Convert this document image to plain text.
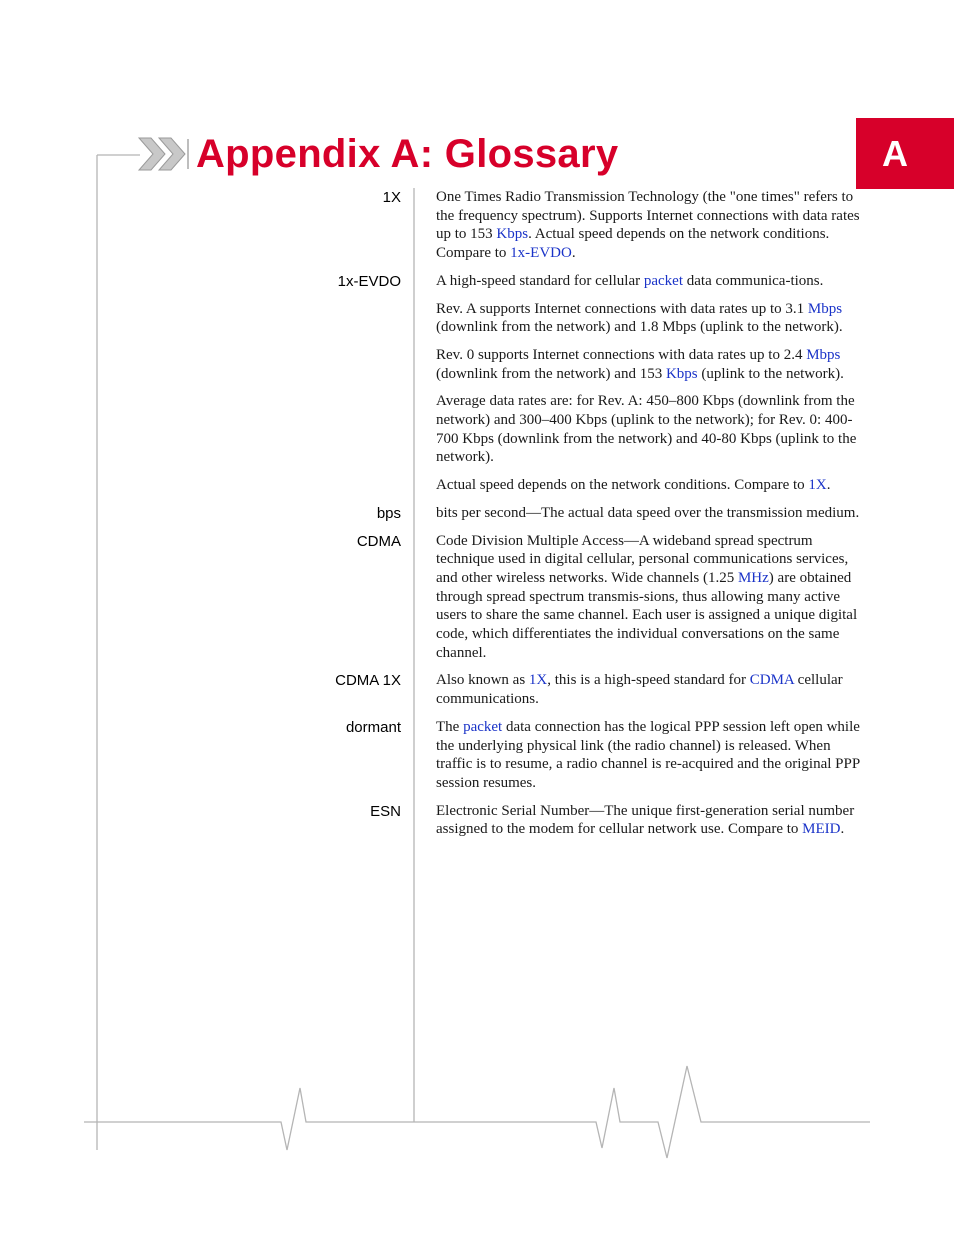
Appendix A: Glossary	A
1X One Times Radio Transmission Technology (the "one times" refers to the frequency spectrum). Supports Internet connections with data rates up to 153 Kbps. Actual speed depends on the network conditions. Compare to 1x-EVDO.

1x-EVDO A high-speed standard for cellular packet data communica-tions.

Rev. A supports Internet connections with data rates up to 3.1 Mbps (downlink from the network) and 1.8 Mbps (uplink to the network).

Rev. 0 supports Internet connections with data rates up to 2.4 Mbps (downlink from the network) and 153 Kbps (uplink to the network).

Average data rates are: for Rev. A: 450–800 Kbps (downlink from the network) and 300–400 Kbps (uplink to the network); for Rev. 0: 400-700 Kbps (downlink from the network) and 40-80 Kbps (uplink to the network).

Actual speed depends on the network conditions. Compare to 1X.

bps bits per second—The actual data speed over the transmission medium.

CDMA Code Division Multiple Access—A wideband spread spectrum technique used in digital cellular, personal communications services, and other wireless networks. Wide channels (1.25 MHz) are obtained through spread spectrum transmis-sions, thus allowing many active users to share the same channel. Each user is assigned a unique digital code, which differentiates the individual conversations on the same channel.

CDMA 1X Also known as 1X, this is a high-speed standard for CDMA cellular communications.

dormant The packet data connection has the logical PPP session left open while the underlying physical link (the radio channel) is released. When traffic is to resume, a radio channel is re-acquired and the original PPP session resumes.

ESN Electronic Serial Number—The unique first-generation serial number assigned to the modem for cellular network use. Compare to MEID.
